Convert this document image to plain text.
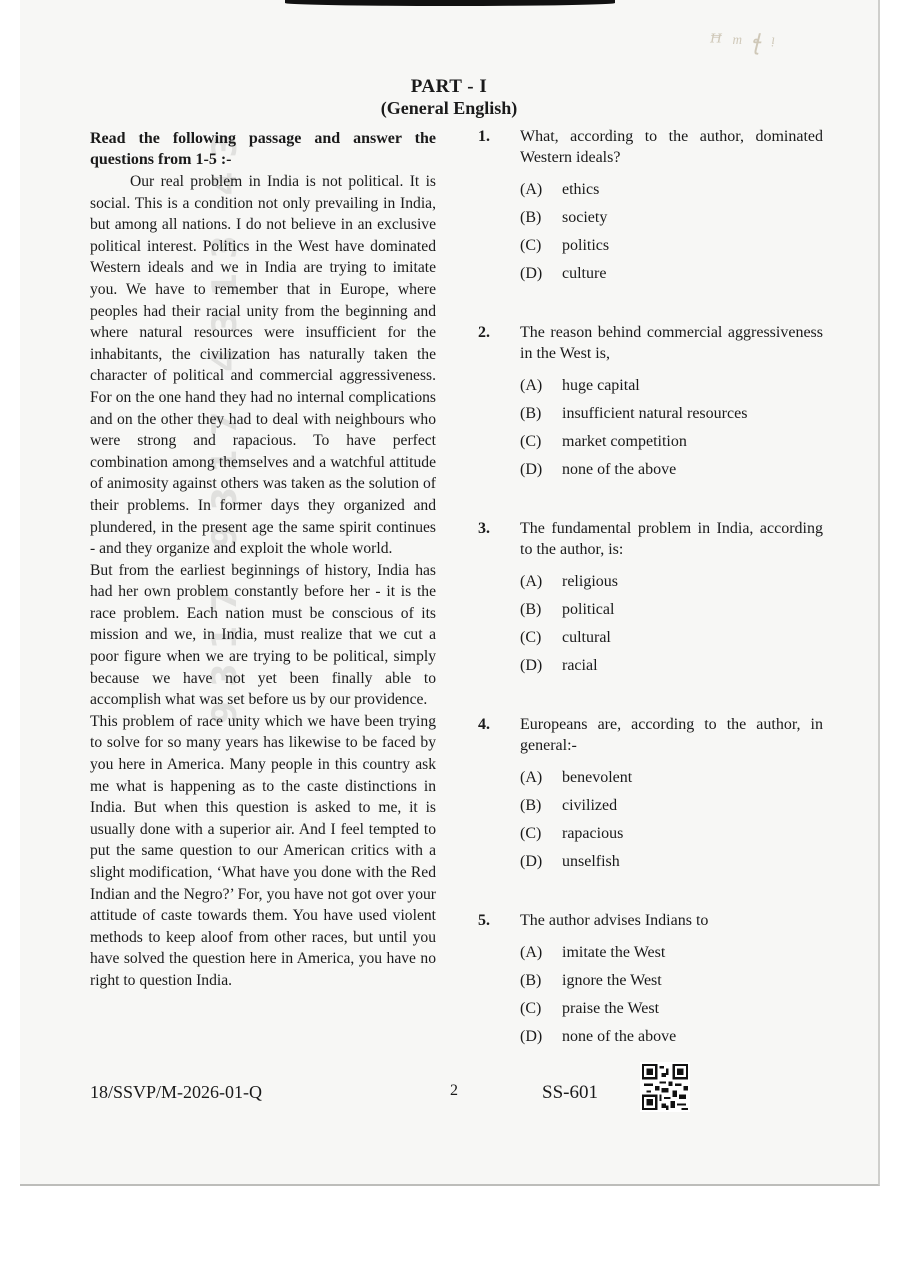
ꟸ ᵐ ꞎ ᵎ
9317 9317 4313 43
PART - I
(General English)
Read the following passage and answer the questions from 1-5 :-

Our real problem in India is not political. It is social. This is a condition not only prevailing in India, but among all nations. I do not believe in an exclusive political interest. Politics in the West have dominated Western ideals and we in India are trying to imitate you. We have to remember that in Europe, where peoples had their racial unity from the beginning and where natural resources were insufficient for the inhabitants, the civilization has naturally taken the character of political and commercial aggressiveness. For on the one hand they had no internal complications and on the other they had to deal with neighbours who were strong and rapacious. To have perfect combination among themselves and a watchful attitude of animosity against others was taken as the solution of their problems. In former days they organized and plundered, in the present age the same spirit continues - and they organize and exploit the whole world.

But from the earliest beginnings of history, India has had her own problem constantly before her - it is the race problem. Each nation must be conscious of its mission and we, in India, must realize that we cut a poor figure when we are trying to be political, simply because we have not yet been finally able to accomplish what was set before us by our providence.

This problem of race unity which we have been trying to solve for so many years has likewise to be faced by you here in America. Many people in this country ask me what is happening as to the caste distinctions in India. But when this question is asked to me, it is usually done with a superior air. And I feel tempted to put the same question to our American critics with a slight modification, ‘What have you done with the Red Indian and the Negro?’ For, you have not got over your attitude of caste towards them. You have used violent methods to keep aloof from other races, but until you have solved the question here in America, you have no right to question India.

1. What, according to the author, dominated Western ideals?
(A) ethics
(B) society
(C) politics
(D) culture
2. The reason behind commercial aggressiveness in the West is,
(A) huge capital
(B) insufficient natural resources
(C) market competition
(D) none of the above
3. The fundamental problem in India, according to the author, is:
(A) religious
(B) political
(C) cultural
(D) racial
4. Europeans are, according to the author, in general:-
(A) benevolent
(B) civilized
(C) rapacious
(D) unselfish
5. The author advises Indians to
(A) imitate the West
(B) ignore the West
(C) praise the West
(D) none of the above
18/SSVP/M-2026-01-Q	2	SS-601
